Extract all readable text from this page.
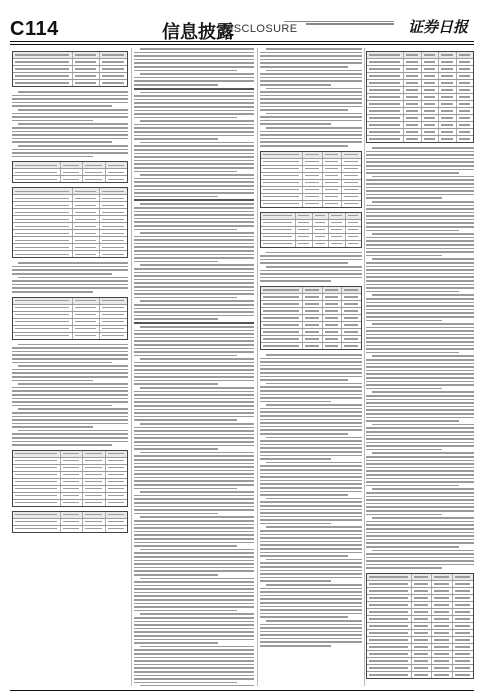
C114	信息披露
DISCLOSURE	证券日报
